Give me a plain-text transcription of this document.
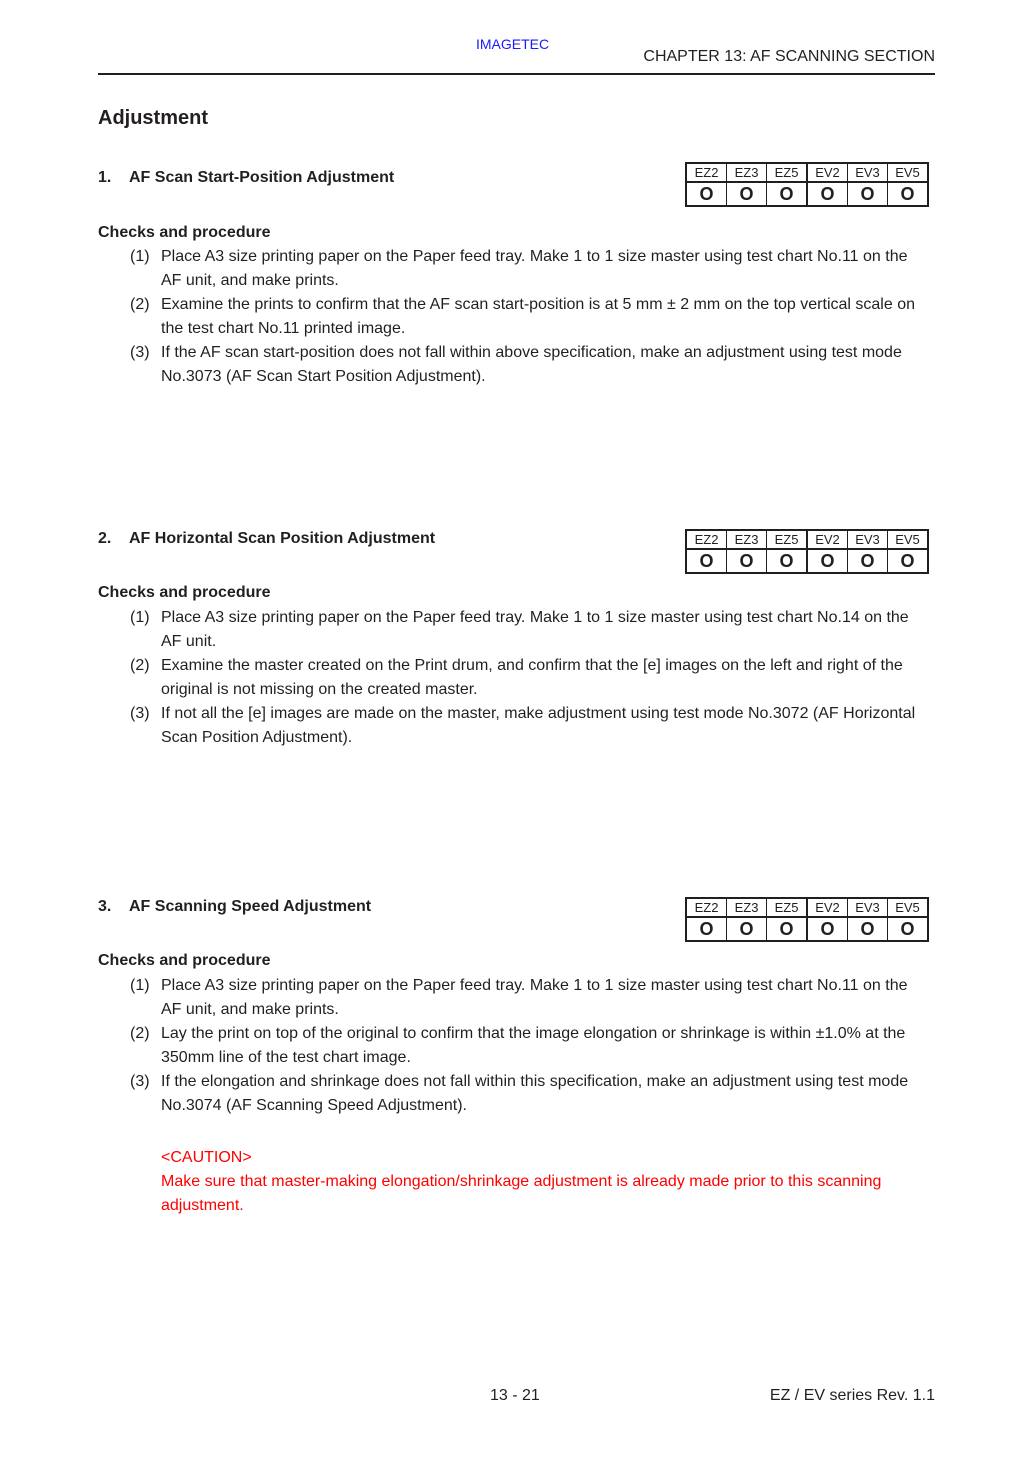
IMAGETEC
CHAPTER 13: AF SCANNING SECTION
Adjustment
1. AF Scan Start-Position Adjustment	EZ2	EZ3	EZ5	EV2	EV3	EV5
O	O	O	O	O	O
Checks and procedure
(1) Place A3 size printing paper on the Paper feed tray. Make 1 to 1 size master using test chart No.11 on the AF unit, and make prints.
(2) Examine the prints to confirm that the AF scan start-position is at 5 mm ± 2 mm on the top vertical scale on the test chart No.11 printed image.
(3) If the AF scan start-position does not fall within above specification, make an adjustment using test mode No.3073 (AF Scan Start Position Adjustment).
2. AF Horizontal Scan Position Adjustment	EZ2	EZ3	EZ5	EV2	EV3	EV5
O	O	O	O	O	O
Checks and procedure
(1) Place A3 size printing paper on the Paper feed tray. Make 1 to 1 size master using test chart No.14 on the AF unit.
(2) Examine the master created on the Print drum, and confirm that the [e] images on the left and right of the original is not missing on the created master.
(3) If not all the [e] images are made on the master, make adjustment using test mode No.3072 (AF Horizontal Scan Position Adjustment).
3. AF Scanning Speed Adjustment	EZ2	EZ3	EZ5	EV2	EV3	EV5
O	O	O	O	O	O
Checks and procedure
(1) Place A3 size printing paper on the Paper feed tray. Make 1 to 1 size master using test chart No.11 on the AF unit, and make prints.
(2) Lay the print on top of the original to confirm that the image elongation or shrinkage is within ±1.0% at the 350mm line of the test chart image.
(3) If the elongation and shrinkage does not fall within this specification, make an adjustment using test mode No.3074 (AF Scanning Speed Adjustment).
<CAUTION>
Make sure that master-making elongation/shrinkage adjustment is already made prior to this scanning adjustment.
13 - 21	EZ / EV series Rev. 1.1
